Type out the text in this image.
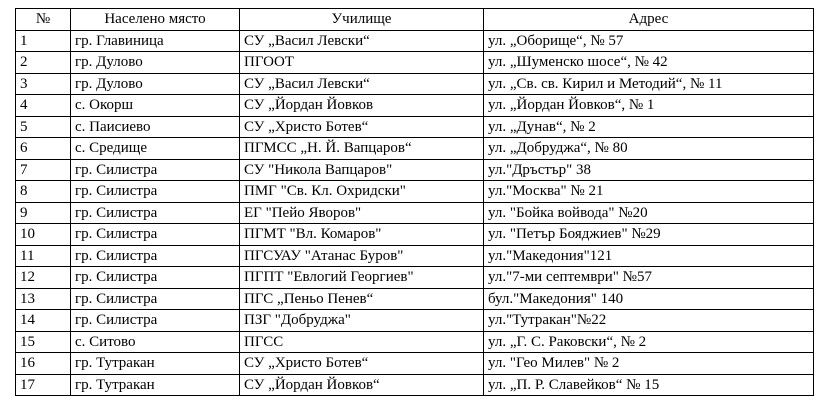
№	Населено място	Училище	Адрес
1	гр. Главиница	СУ „Васил Левски“	ул. „Оборище“, № 57
2	гр. Дулово	ПГООТ	ул. „Шуменско шосе“, № 42
3	гр. Дулово	СУ „Васил Левски“	ул. „Св. св. Кирил и Методий“, № 11
4	с. Окорш	СУ „Йордан Йовков	ул. „Йордан Йовков“, № 1
5	с. Паисиево	СУ „Христо Ботев“	ул. „Дунав“, № 2
6	с. Средище	ПГМСС „Н. Й. Вапцаров“	ул. „Добруджа“, № 80
7	гр. Силистра	СУ "Никола Вапцаров"	ул."Дръстър" 38
8	гр. Силистра	ПМГ "Св. Кл. Охридски"	ул."Москва" № 21
9	гр. Силистра	ЕГ "Пейо Яворов"	ул. "Бойка войвода" №20
10	гр. Силистра	ПГМТ "Вл. Комаров"	ул. "Петър Бояджиев" №29
11	гр. Силистра	ПГСУАУ "Атанас Буров"	ул."Македония"121
12	гр. Силистра	ПГПТ "Евлогий Георгиев"	ул."7-ми септември" №57
13	гр. Силистра	ПГС „Пеньо Пенев“	бул."Македония" 140
14	гр. Силистра	ПЗГ "Добруджа"	ул."Тутракан"№22
15	с. Ситово	ПГСС	ул. „Г. С. Раковски“, № 2
16	гр. Тутракан	СУ „Христо Ботев“	ул. "Гео Милев" № 2
17	гр. Тутракан	СУ „Йордан Йовков“	ул. „П. Р. Славейков“ № 15
